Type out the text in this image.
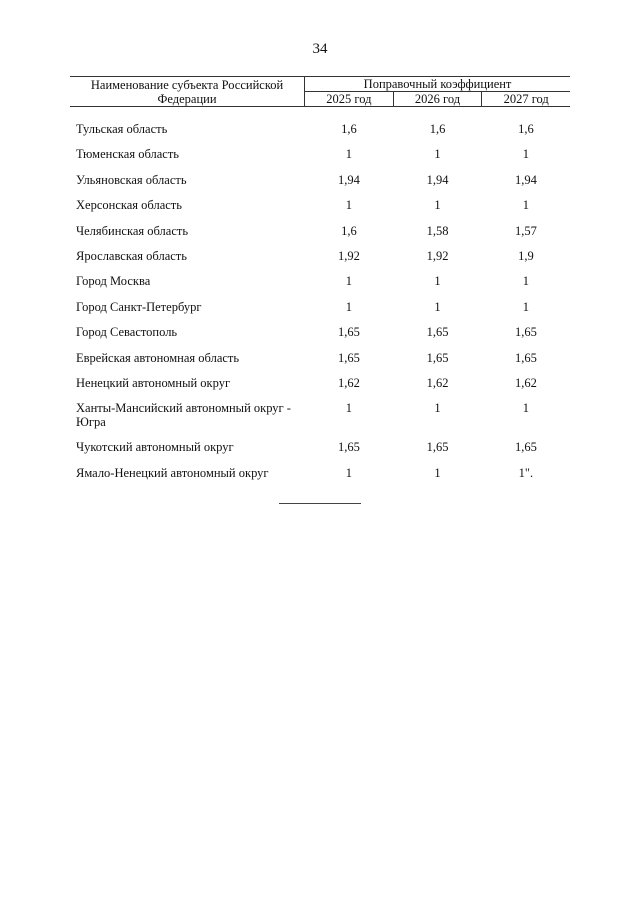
34
Наименование субъекта Российской Федерации	Поправочный коэффициент		
	2025 год	2026 год	2027 год

Тульская область	1,6	1,6	1,6
Тюменская область	1	1	1
Ульяновская область	1,94	1,94	1,94
Херсонская область	1	1	1
Челябинская область	1,6	1,58	1,57
Ярославская область	1,92	1,92	1,9
Город Москва	1	1	1
Город Санкт-Петербург	1	1	1
Город Севастополь	1,65	1,65	1,65
Еврейская автономная область	1,65	1,65	1,65
Ненецкий автономный округ	1,62	1,62	1,62
Ханты-Мансийский автономный округ - Югра	1	1	1
Чукотский автономный округ	1,65	1,65	1,65
Ямало-Ненецкий автономный округ	1	1	1".
